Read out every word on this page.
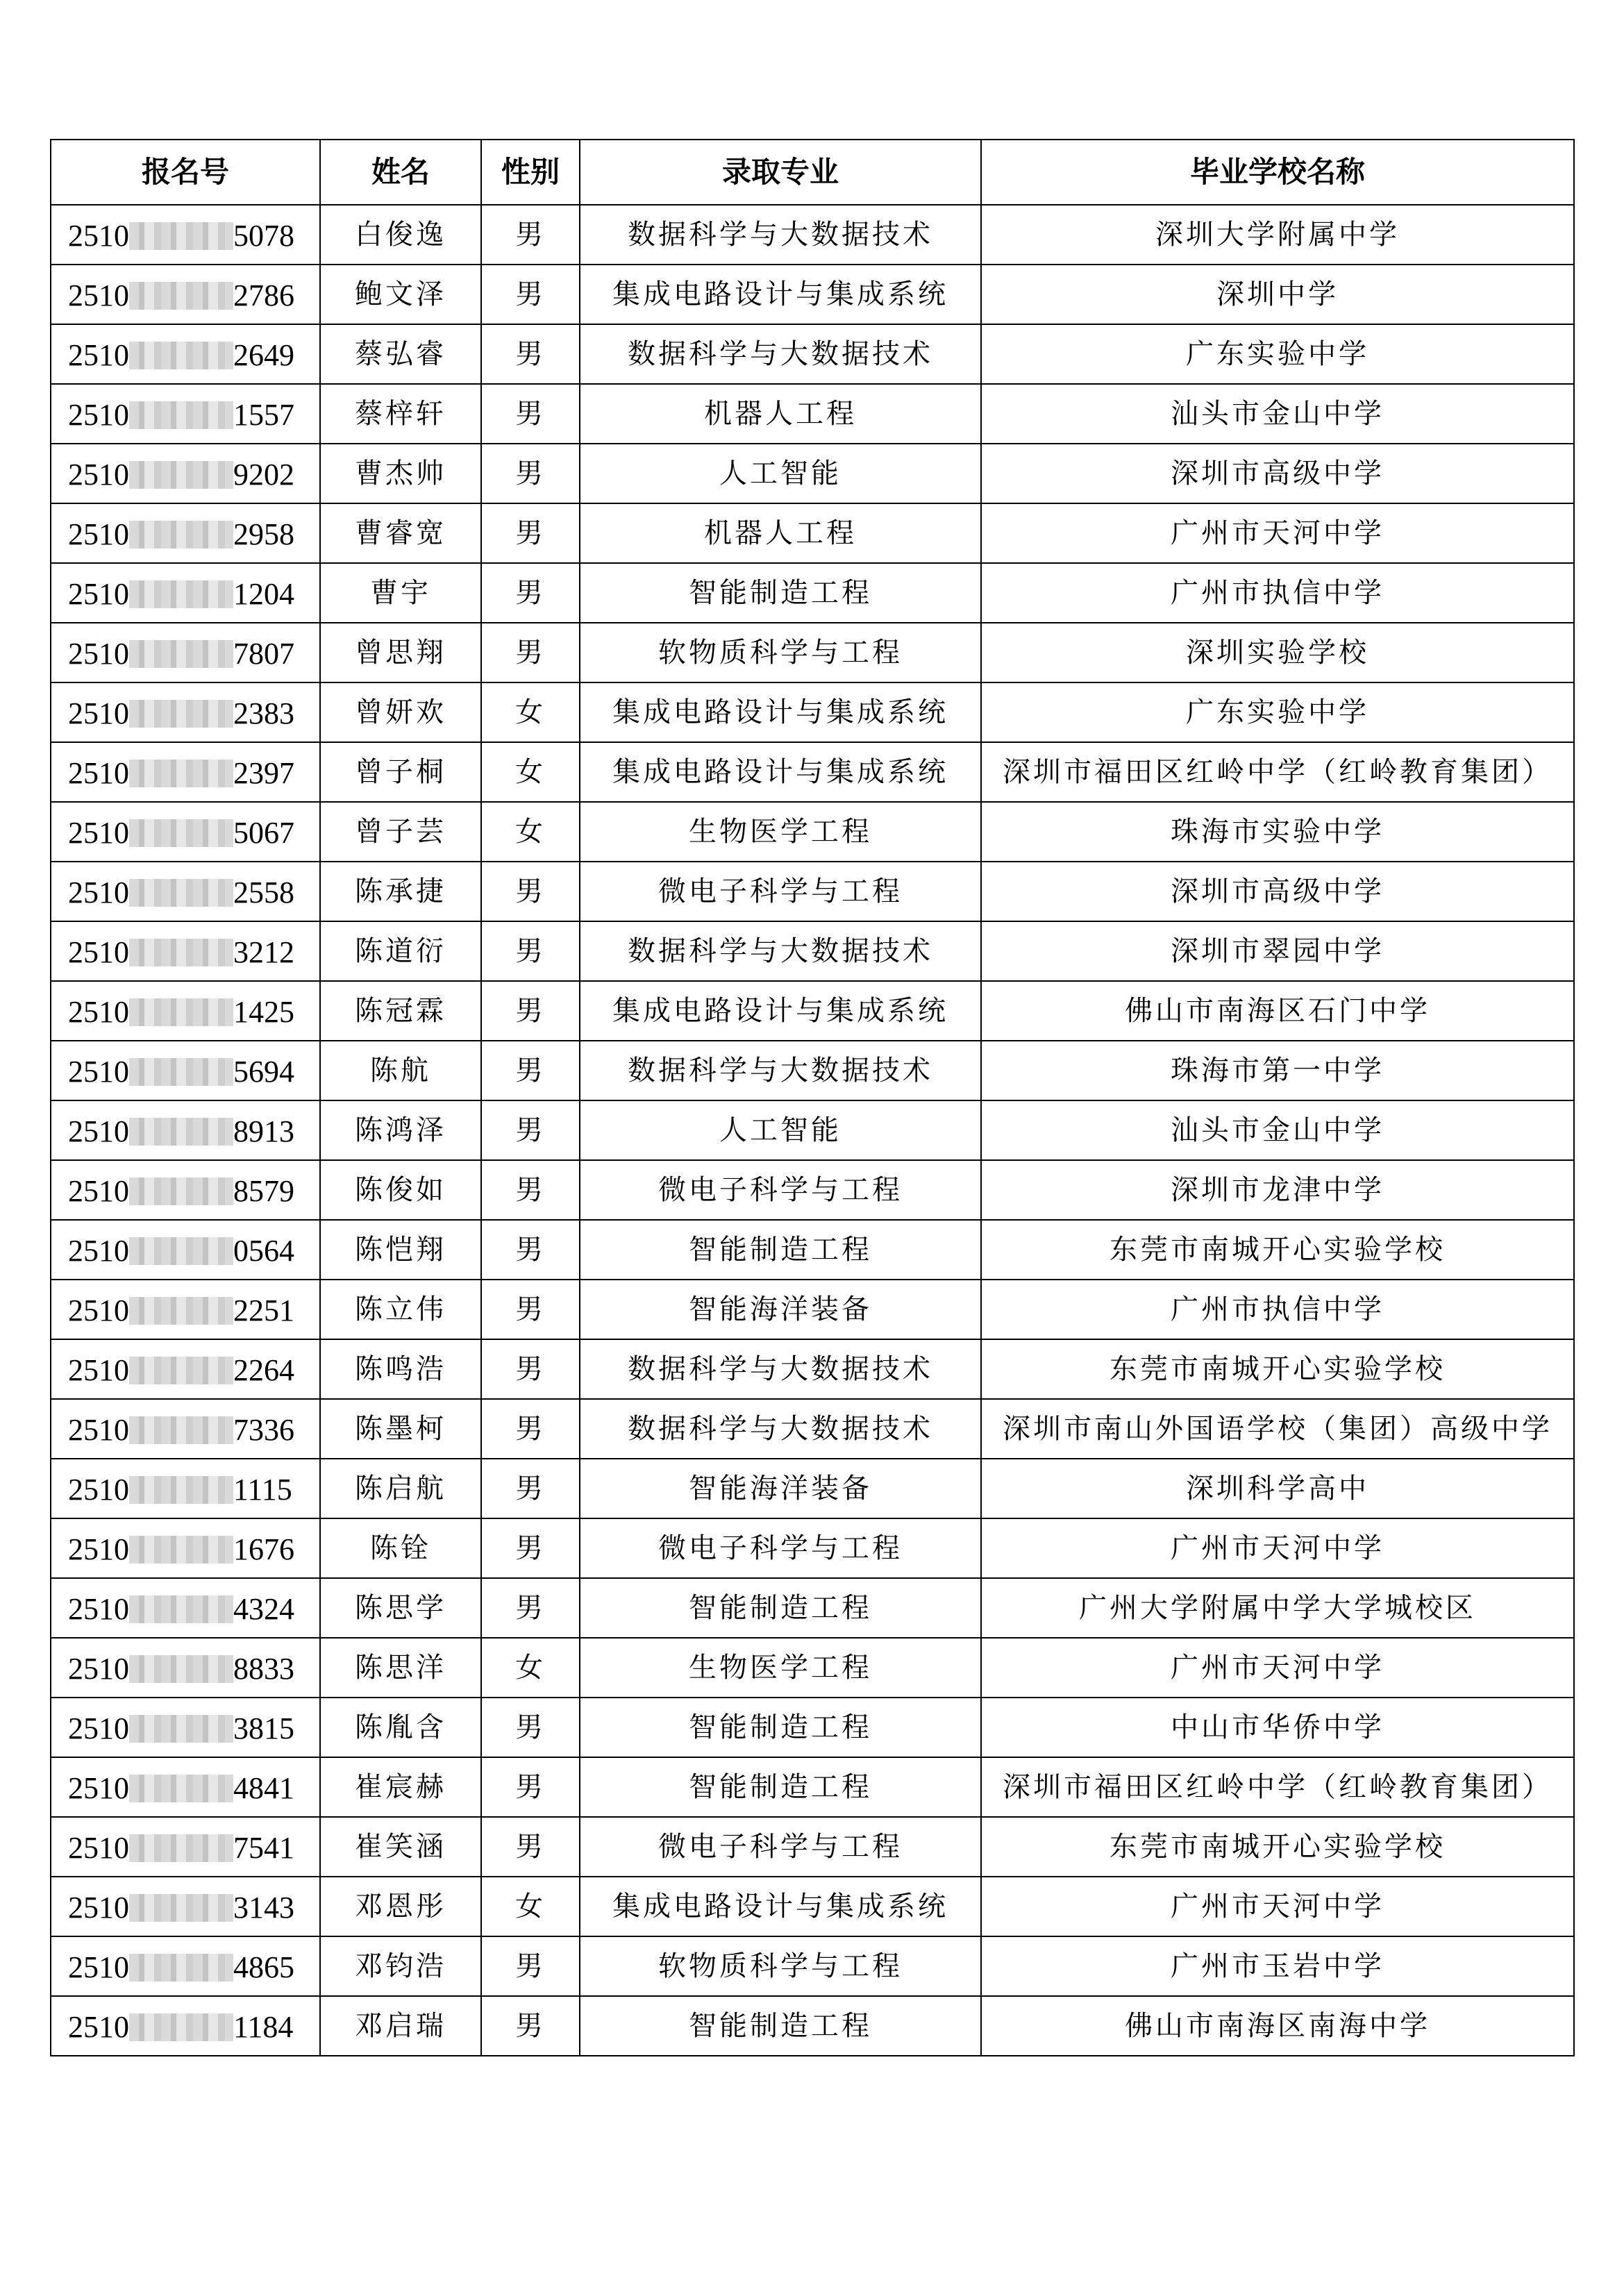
报名号	姓名	性别	录取专业	毕业学校名称
2510 5078	白俊逸	男	数据科学与大数据技术	深圳大学附属中学
2510 2786	鲍文泽	男	集成电路设计与集成系统	深圳中学
2510 2649	蔡弘睿	男	数据科学与大数据技术	广东实验中学
2510 1557	蔡梓轩	男	机器人工程	汕头市金山中学
2510 9202	曹杰帅	男	人工智能	深圳市高级中学
2510 2958	曹睿宽	男	机器人工程	广州市天河中学
2510 1204	曹宇	男	智能制造工程	广州市执信中学
2510 7807	曾思翔	男	软物质科学与工程	深圳实验学校
2510 2383	曾妍欢	女	集成电路设计与集成系统	广东实验中学
2510 2397	曾子桐	女	集成电路设计与集成系统	深圳市福田区红岭中学（红岭教育集团）
2510 5067	曾子芸	女	生物医学工程	珠海市实验中学
2510 2558	陈承捷	男	微电子科学与工程	深圳市高级中学
2510 3212	陈道衍	男	数据科学与大数据技术	深圳市翠园中学
2510 1425	陈冠霖	男	集成电路设计与集成系统	佛山市南海区石门中学
2510 5694	陈航	男	数据科学与大数据技术	珠海市第一中学
2510 8913	陈鸿泽	男	人工智能	汕头市金山中学
2510 8579	陈俊如	男	微电子科学与工程	深圳市龙津中学
2510 0564	陈恺翔	男	智能制造工程	东莞市南城开心实验学校
2510 2251	陈立伟	男	智能海洋装备	广州市执信中学
2510 2264	陈鸣浩	男	数据科学与大数据技术	东莞市南城开心实验学校
2510 7336	陈墨柯	男	数据科学与大数据技术	深圳市南山外国语学校（集团）高级中学
2510 1115	陈启航	男	智能海洋装备	深圳科学高中
2510 1676	陈铨	男	微电子科学与工程	广州市天河中学
2510 4324	陈思学	男	智能制造工程	广州大学附属中学大学城校区
2510 8833	陈思洋	女	生物医学工程	广州市天河中学
2510 3815	陈胤含	男	智能制造工程	中山市华侨中学
2510 4841	崔宸赫	男	智能制造工程	深圳市福田区红岭中学（红岭教育集团）
2510 7541	崔笑涵	男	微电子科学与工程	东莞市南城开心实验学校
2510 3143	邓恩彤	女	集成电路设计与集成系统	广州市天河中学
2510 4865	邓钧浩	男	软物质科学与工程	广州市玉岩中学
2510 1184	邓启瑞	男	智能制造工程	佛山市南海区南海中学
